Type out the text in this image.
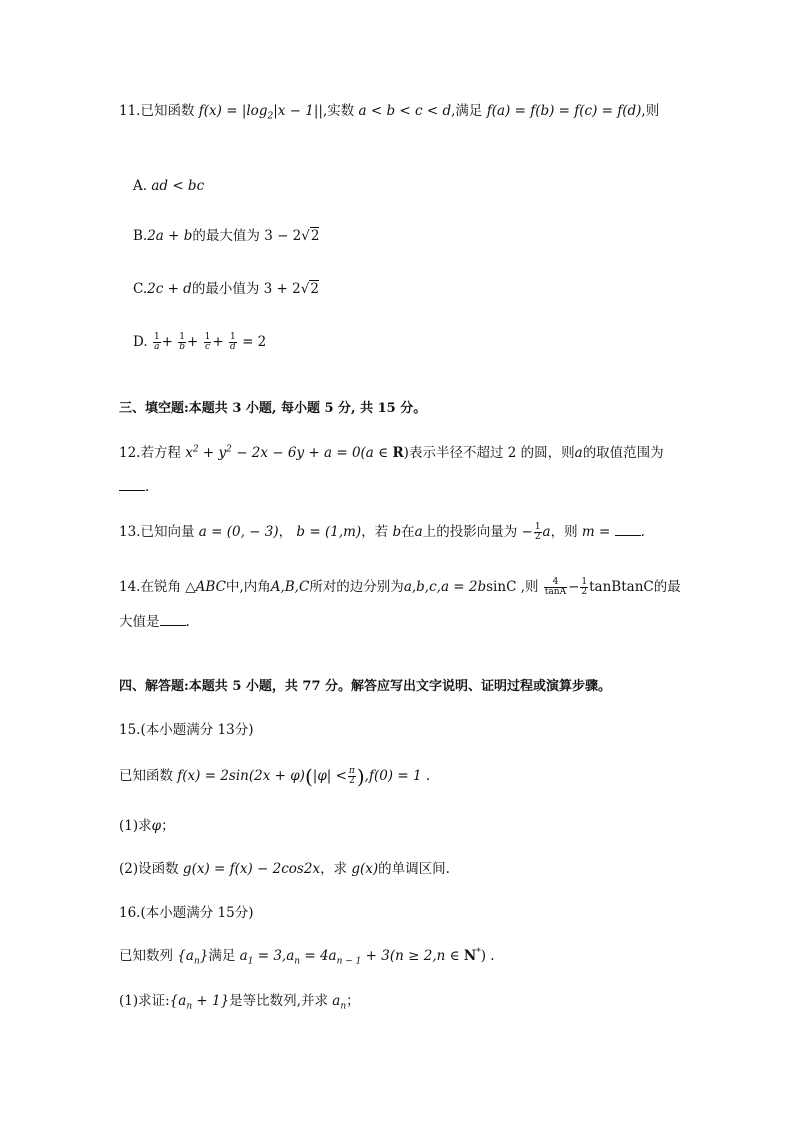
11.已知函数 $f(x) = |\log_2|x - 1||$,实数 a < b < c < d,满足 f(a) = f(b) = f(c) = f(d),则
A. ad < bc
B.2a + b的最大值为 3 − 2√2
C.2c + d的最小值为 3 + 2√2
D. $\frac{1}{a} + \frac{1}{b} + \frac{1}{c} + \frac{1}{d} = 2$
三、填空题:本题共 3 小题, 每小题 5 分, 共 15 分。
12.若方程 $x^2 + y^2 - 2x - 6y + a = 0(a$ ∈ R)表示半径不超过 2 的圆，则a的取值范围为
.
13.已知向量 a = (0, − 3)， b = (1,m)，若 b在a上的投影向量为 − $\frac{1}{2}$ a，则 m = .
14.在锐角 △ABC中,内角A,B,C所对的边分别为a,b,c,a = 2bsinC ,则 $\frac{4}{\tan A} - \frac{1}{2}$ tanBtanC的最
大值是 .
四、解答题:本题共 5 小题，共 77 分。解答应写出文字说明、证明过程或演算步骤。
15.(本小题满分 13分)
已知函数 $f(x) = 2\sin(2x + \varphi)(|\varphi| < \frac{\pi}{2} ),f(0) = 1$ .
(1)求φ；
(2)设函数 g(x) = f(x) − 2cos2x，求 g(x)的单调区间.
16.(本小题满分 15分)
已知数列 $\{a_n\}$满足 $a_1 = 3,a_n = 4a_{n - 1} + 3(n \ge 2,n$ ∈ N*) .
(1)求证$:\{a_n + 1\}$是等比数列,并求 $a_n$；
